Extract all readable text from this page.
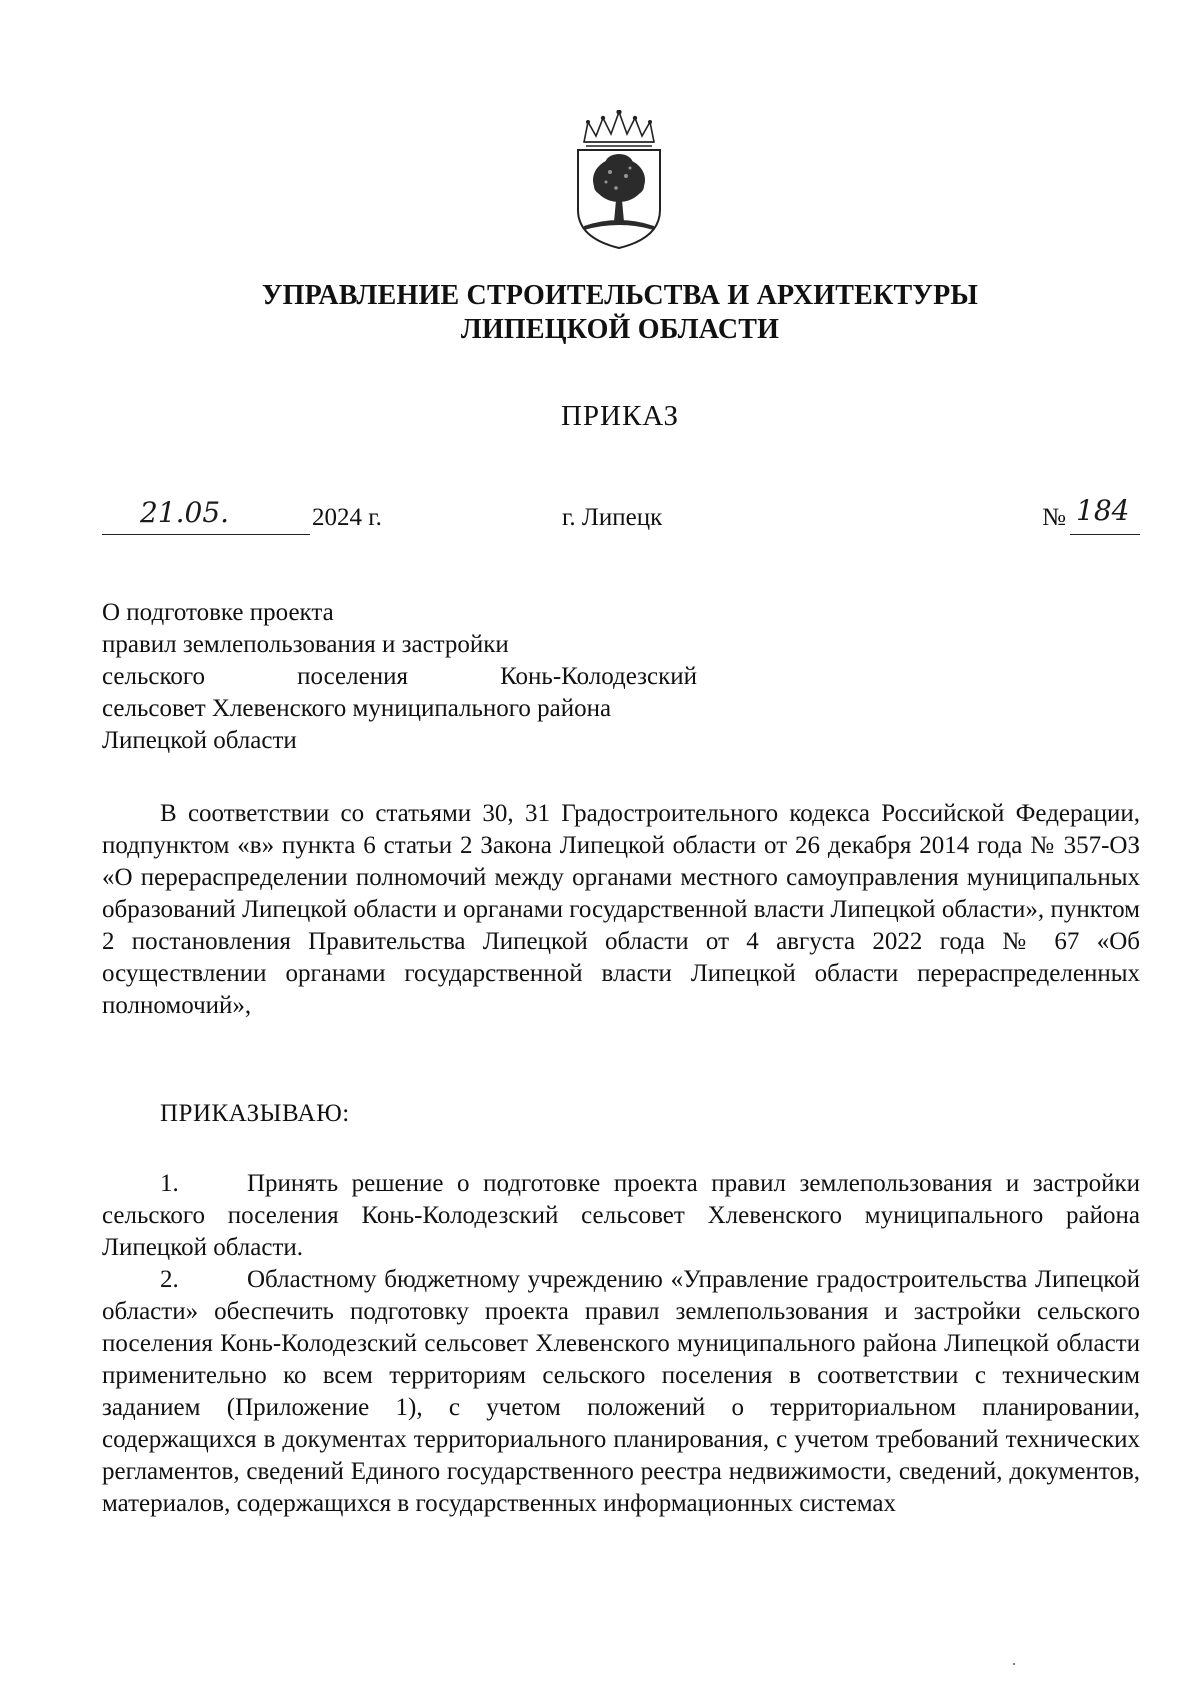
УПРАВЛЕНИЕ СТРОИТЕЛЬСТВА И АРХИТЕКТУРЫ
ЛИПЕЦКОЙ ОБЛАСТИ
ПРИКАЗ
21.05.	2024 г.	г. Липецк	№ 184
О подготовке проекта
правил землепользования и застройки
сельского поселения Конь-Колодезский
сельсовет Хлевенского муниципального района
Липецкой области
В соответствии со статьями 30, 31 Градостроительного кодекса Российской Федерации, подпунктом «в» пункта 6 статьи 2 Закона Липецкой области от 26 декабря 2014 года № 357-ОЗ «О перераспределении полномочий между органами местного самоуправления муниципальных образований Липецкой области и органами государственной власти Липецкой области», пунктом 2 постановления Правительства Липецкой области от 4 августа 2022 года № 67 «Об осуществлении органами государственной власти Липецкой области перераспределенных полномочий»,
ПРИКАЗЫВАЮ:
1.	Принять решение о подготовке проекта правил землепользования и застройки сельского поселения Конь-Колодезский сельсовет Хлевенского муниципального района Липецкой области.
2.	Областному бюджетному учреждению «Управление градостроительства Липецкой области» обеспечить подготовку проекта правил землепользования и застройки сельского поселения Конь-Колодезский сельсовет Хлевенского муниципального района Липецкой области применительно ко всем территориям сельского поселения в соответствии с техническим заданием (Приложение 1), с учетом положений о территориальном планировании, содержащихся в документах территориального планирования, с учетом требований технических регламентов, сведений Единого государственного реестра недвижимости, сведений, документов, материалов, содержащихся в государственных информационных системах
